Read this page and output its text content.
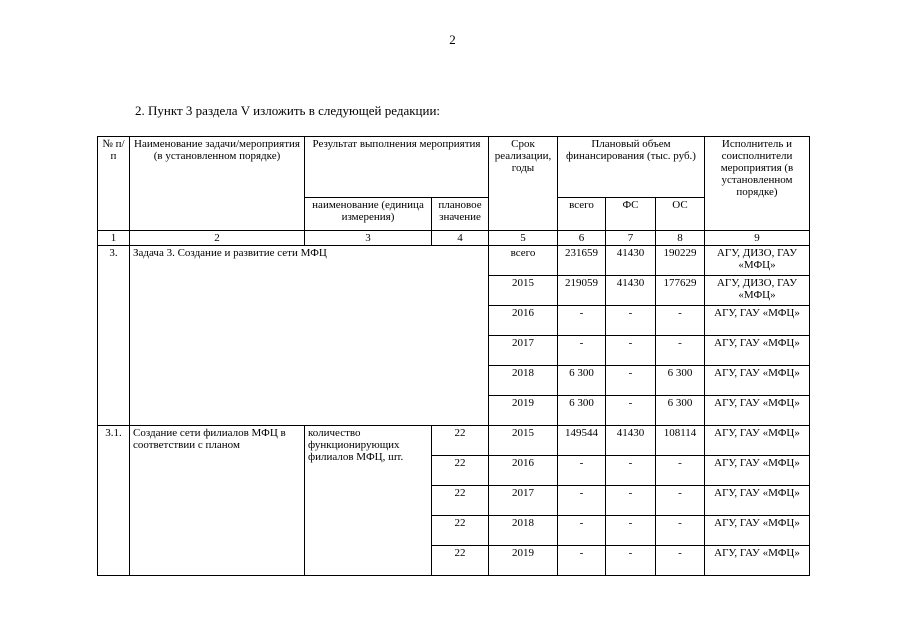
2
2. Пункт 3 раздела V изложить в следующей редакции:
№ п/п	Наименование задачи/мероприятия (в установленном порядке)	Результат выполнения мероприятия		Срок реализации, годы	Плановый объем финансирования (тыс. руб.)			Исполнитель и соисполнители мероприятия (в установленном порядке)
		наименование (единица измерения)	плановое значение		всего	ФС	ОС	
1	2	3	4	5	6	7	8	9
3.	Задача 3. Создание и развитие сети МФЦ			всего	231659	41430	190229	АГУ, ДИЗО, ГАУ «МФЦ»
				2015	219059	41430	177629	АГУ, ДИЗО, ГАУ «МФЦ»
				2016	-	-	-	АГУ, ГАУ «МФЦ»
				2017	-	-	-	АГУ, ГАУ «МФЦ»
				2018	6 300	-	6 300	АГУ, ГАУ «МФЦ»
				2019	6 300	-	6 300	АГУ, ГАУ «МФЦ»
3.1.	Создание сети филиалов МФЦ в соответствии с планом	количество функционирующих филиалов МФЦ, шт.	22	2015	149544	41430	108114	АГУ, ГАУ «МФЦ»
			22	2016	-	-	-	АГУ, ГАУ «МФЦ»
			22	2017	-	-	-	АГУ, ГАУ «МФЦ»
			22	2018	-	-	-	АГУ, ГАУ «МФЦ»
			22	2019	-	-	-	АГУ, ГАУ «МФЦ»
